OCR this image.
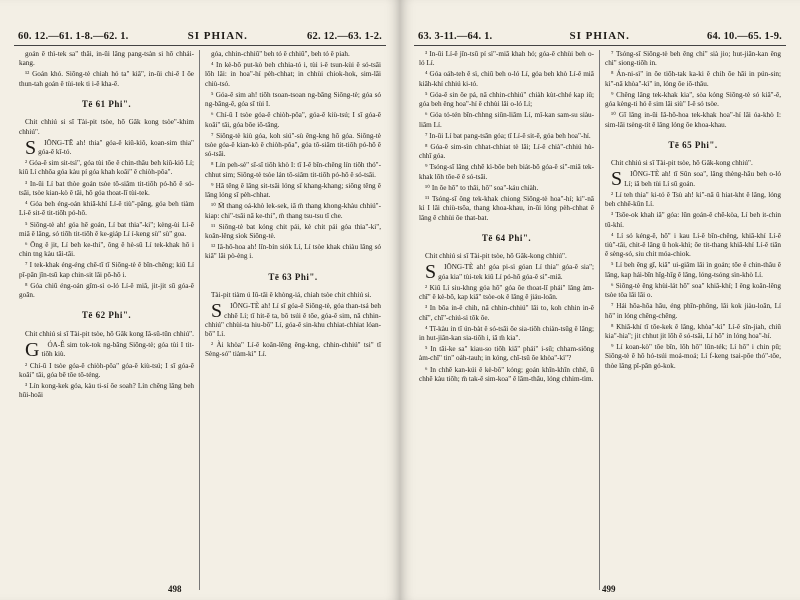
60. 12.—61. 1-8.—62. 1.	SI PHIAN.	62. 12.—63. 1-2.

goán ê thì-tek sa" thâi, in-ūi lâng pang-tsàn si hō chhái-kang.

¹² Goán khó. Siōng-tè chiah hó ta" kiâ", in-ūi chi-ē I ōe thun-tah goán ê tùi-tek ti i-ē kha-ē.

Tē 61 Phi".

Chit chhiú si sī Tài-pit tsòe, hō Gâk kong tsòe"-khim chhiú".

S IŌNG-TĒ ah! thia" góa-ê kiû-kiô, koan-sim thia" góa-ê kî-tó.

² Góa-ê sim sit-tsì", góa tùi tōe ê chin-thâu beh kiû-kiô Lí; kiû Lí chhōa góa kàu pí góa khah koâi" ê chiòh-pôa".

³ In-ūi Lí bat thòe goán tsòe tō-siâm tit-tiōh pó-hō ê só-tsāi, tsòe kian-kò ê tâi, hō góa thoat-lī tùi-tek.

⁴ Góa beh éng-oán khiā-khí Lí-ê tiù"-pâng, góa beh tiàm Lí-ê sit-ē tit-tiōh pó-hō.

⁵ Siōng-tè ah! góa hē goán, Lí bat thia"-ki"; kèng-ùi Lí-ê miâ ê lâng, só tiōh tit-tiōh ê ke-giáp Lí í-keng sù" sù" goa.

⁶ Ōng ê jit, Lí beh ke-thi", ông ê hè-sū Lí tek-khak hō i chin tng kàu tāi-tāi.

⁷ I tek-khak éng-éng chē-tī tī Siōng-tè ê bīn-chêng; kiû Lí pī-pān jîn-tsū kap chin-sit lâi pō-hō i.

⁸ Góa chiū éng-oán gîm-sì o-ló Lí-ê miâ, jit-jit sū góa-ê goān.

Tē 62 Phi".

Chit chhiú si sī Tài-pit tsòe, hō Gâk kong Iâ-sū-tūn chhiú".

G ÓA-Ê sim tok-tok ng-bāng Siōng-tè; góa tùi I tit-tiōh kiù.

² Chí-ū I tsòe góa-ê chiòh-pôa" góa-ê kiù-tsú; I sī góa-ê koâi" tâi, góa bē tōe tō-téng.

³ Lín kong-kek góa, kàu ti-sí ōe soah? Lín chêng lâng beh hūi-hoāi

góa, chhin-chhiū" beh tó ê chhiû", beh tó ê piah.

⁴ In kè-bō put-kò beh chhia-tó i, tùi i-ê tsun-kùi ê só-tsāi lōh lâi: in hoa"-hí pèh-chhat; in chhùi chiok-hok, sim-lāi chiù-tsó.

⁵ Góa-ê sim ah! tiōh tsoan-tsoan ng-bāng Siōng-tè; góa só ng-bāng-ê, góa sī tùi I.

⁶ Chí-ū I tsòe góa-ê chiòh-pôa", góa-ê kiù-tsú; I sī góa-ê koâi" tâi, góa bōe iō-tāng.

⁷ Siōng-tè kiù góa, koh siú"-sù êng-kng hō góa. Siōng-tè tsòe góa-ê kian-kò ê chiòh-pôa", góa tō-siâm tit-tiōh pó-hō ê só-tsāi.

⁸ Lín peh-sè" sī-sī tiōh khò I: tī I-ê bīn-chêng lín tiōh thó"-chhut sim; Siōng-tè tsòe lán tō-siâm tit-tiōh pó-hō ê só-tsāi.

⁹ Hā têng ê lâng sit-tsāi lóng sī khang-khang; siōng têng ê lâng lóng sī pèh-chhat.

¹⁰ M̄ thang oá-khò lek-sek, iā m̄ thang khong-khàu chhiú"-kiap: chi"-tsâi nā ke-thi", m̄ thang tsu-tsu tī che.

¹¹ Siōng-tè bat kóng chit pái, kè chit pái góa thia"-ki", koân-lêng sìok Siōng-tè.

¹² Iâ-hô-hoa ah! lîn-bín siók Lí, Lí tsòe khak chiàu lâng só kiâ" lâi pò-èng i.

Tē 63 Phi".

Tài-pit tiàm ú Iû-tāi ê khòng-iá, chiah tsòe chit chhiú si.

S IŌNG-TÈ ah! Lí sī góa-ê Siōng-tè, góa than-tsá beh chhē Lí; tī hit-ē ta, bô tsúi ê tōe, góa-ê sim, nā chhin-chhiú" chhùi-ta hiu-bō" Lí, góa-ê sin-khu chhiat-chhiat lóan-bō" Lí.

² Ài khòa" Lí-ê koân-lêng êng-kng, chhin-chhiú" tsi" tī Sèng-só" tiàm-kì" Lí.

498
63. 3-11.—64. 1.	SI PHIAN.	64. 10.—65. 1-9.

³ In-ūi Lí-ê jîn-tsū pí sì"-miā khah hó; góa-ê chhùi beh o-ló Lí.

⁴ Góa oáh-teh ê sì, chiū beh o-ló Lí, góa beh khò Lí-ê miâ kiâh-khí chhiú ki-tó.

⁵ Góa-ê sin ōe pá, nā chhin-chhiú" chiàh kùt-chhé kap iû; góa beh êng hoa"-hí ê chhùi lâi o-ló Lí;

⁶ Góa tó-tén bīn-chhng siūn-liām Lí, mî-kan sam-su siàu-liām Lí.

⁷ In-ūi Lí bat pang-tsān góa; tī Lí-ê sit-ē, góa beh hoa"-hí.

⁸ Góa-ê sim-sìn chhat-chhiat tè lâi; Lí-ê chià"-chhiú hù-chhī góa.

⁹ Tsóng-sī lâng chhē kì-bōe beh biát-bō góa-ê sì"-miā tek-khak lōh tōe-ē ê só-tsāi.

¹⁰ In ōe hō" to thâi, hō" soa"-káu chiàh.

¹¹ Tsóng-sī ông tek-khak chiong Siōng-tè hoa"-hí; ki"-nā kì I lâi chiù-tsōa, thang khoa-khau, in-ūi lóng pèh-chhat ê lâng ê chhùi ōe that-bat.

Tē 64 Phi".

Chit chhiú si sī Tài-pit tsòe, hō Gâk-kong chhiú".

S IŌNG-TÈ ah! góa pi-sì góan Lí thia" góa-ê sia"; góa kia" tùi-tek kiû Lí pó-hō góa-ê sì"-miā.

² Kiû Lí siu-khng góa hō" góa ōe thoat-lī phái" lâng àm-chī" ê kè-bō, kap kiâ" tsòe-ok ê lâng ê jiáu-loān.

³ In bōa in-ê chih, nā chhin-chhiú" lâi to, koh chhin in-ê chī", chī"-chiú-sì tōk ôe.

⁴ Tī-kàu in tī ún-bàt ê só-tsāi ōe sia-tiōh chiàn-tsūg ê lâng; in hut-jiân-kan sia-tiōh i, iā m̄ kia".

⁵ In tāi-ke sa" kiau-so tiōh kiâ" phái" i-sū; chham-siông àm-chī" tin" oáh-tauh; in kóng, chī-tsū ōe khòa"-kì"?

⁶ In chhē kan-kúi ê kè-bō" kóng; goán khīn-khīn chhē, ū chhē kàu tiōh; m̄ tak-ê sim-koa" ê lām-thâu, lóng chhim-tìm.

⁷ Tsóng-sī Siōng-tè beh êng chì" sià jio; hut-jiân-kan êng chì" siong-tiōh in.

⁸ Án-ni-sì" in ōe tiōh-tak ka-ki ê chih ōe hāi in pún-sin; kì"-nā khòa"-kì" in, lóng ōe iō-thâu.

⁹ Chêng lâng tek-khak kia", sòa kóng Siōng-tè só kiâ"-ê, góa kèng-ti hó ê sim lāi siù" I-ê só tsòe.

¹⁰ Gī lâng in-ūi Iâ-hô-hoa tek-khak hoa"-hí lâi óa-khò I: sim-lāi tsèng-tít ê lâng lóng ōe khoa-khau.

Tē 65 Phi".

Chit chhiú si sī Tài-pit tsòe, hō Gâk-kong chhiú".

S IŌNG-TÈ ah! tī Sûn soa", lâng thèng-hāu beh o-ló Lí; iā beh tùi Lí sū goán.

² Lí teh thia" ki-tó ê Tsù ah! ki"-nā ū hiat-kht ê lâng, lóng beh chhē-kūn Lí.

³ Tsōe-ok khah iâ" góa: lūn goán-ê chē-kòa, Lí beh it-chin tū-khí.

⁴ Lí só kéng-ê, hō" i kau Lí-ê bīn-chêng, khiā-khí Lí-ê tiù"-tāi, chit-ê lâng ū hok-khì; ōe tit-thang khiā-khí Lí-ê tiān ê sèng-só, siu chit móa-chiok.

⁵ Lí beh êng gī, kiâ" ui-giâm lâi ìn goán; tōe ê chin-thâu ê lâng, kap hái-bīn hīg-hīg ê lâng, lóng-tsóng sìn-khò Lí.

⁶ Siōng-tè êng khùi-lát hō" soa" khiā-khí; I êng koân-lêng tsòe tôa lâi lāi o.

⁷ Hái hōa-hōa hāu, éng phīn-phōng, lâi kok jiàu-loān, Lí hō" in lóng chēng-chēng.

⁸ Khiā-khí tī tōe-kek ê lâng, khòa"-kì" Lí-ê sîn-jiah, chiū kia"-hia"; jit chhut jit lōh ê só-tsāi, Lí hō" in lóng hoa"-hí.

⁹ Lí koan-kò" tōe bīn, lōh hō" lūn-ték; Lí hō" i chin pū; Siōng-tè ê hô hó-tsúi moá-moá; Lí f-keng tsai-pōe thó"-tōe, thòe lâng pī-pān gó-kok.

499
